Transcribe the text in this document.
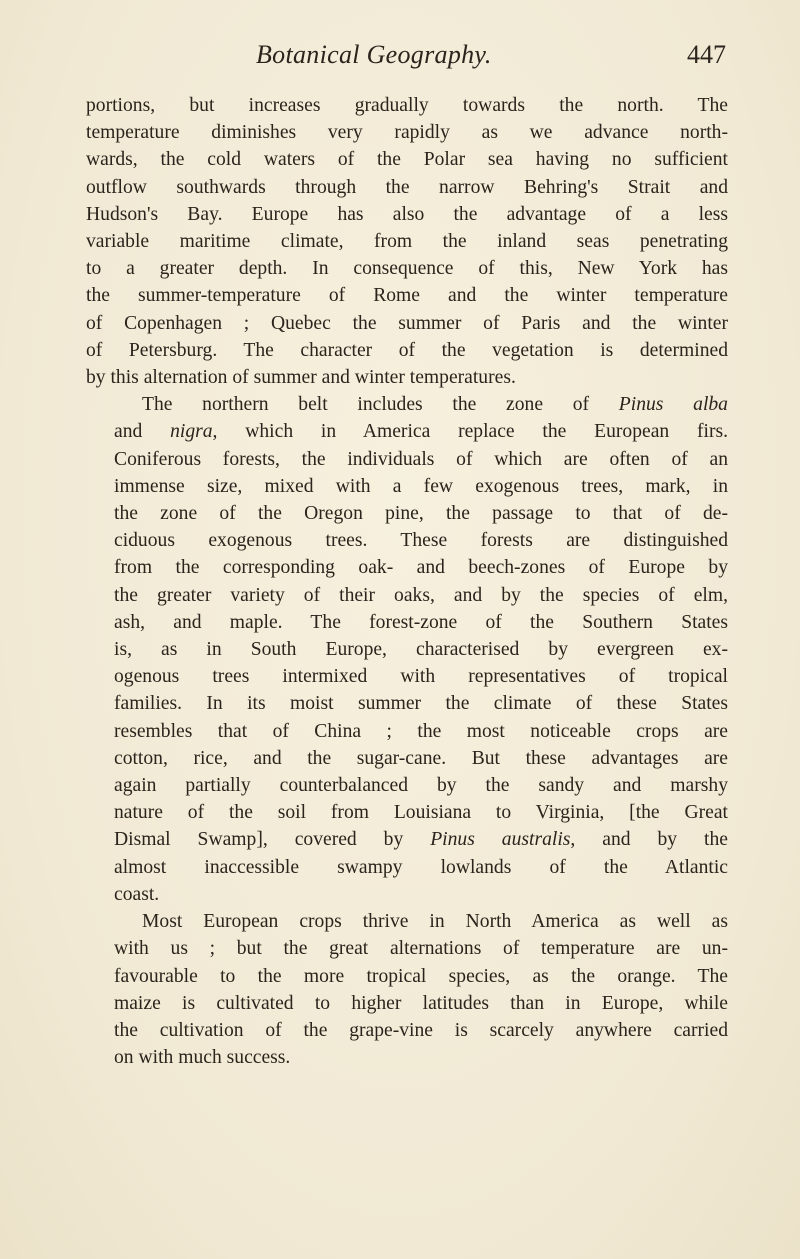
Botanical Geography.	447
portions, but increases gradually towards the north. The
temperature diminishes very rapidly as we advance north-
wards, the cold waters of the Polar sea having no sufficient
outflow southwards through the narrow Behring's Strait and
Hudson's Bay. Europe has also the advantage of a less
variable maritime climate, from the inland seas penetrating
to a greater depth. In consequence of this, New York has
the summer-temperature of Rome and the winter temperature
of Copenhagen ; Quebec the summer of Paris and the winter
of Petersburg. The character of the vegetation is determined
by this alternation of summer and winter temperatures.
The northern belt includes the zone of Pinus alba
and nigra, which in America replace the European firs.
Coniferous forests, the individuals of which are often of an
immense size, mixed with a few exogenous trees, mark, in
the zone of the Oregon pine, the passage to that of de-
ciduous exogenous trees. These forests are distinguished
from the corresponding oak- and beech-zones of Europe by
the greater variety of their oaks, and by the species of elm,
ash, and maple. The forest-zone of the Southern States
is, as in South Europe, characterised by evergreen ex-
ogenous trees intermixed with representatives of tropical
families. In its moist summer the climate of these States
resembles that of China ; the most noticeable crops are
cotton, rice, and the sugar-cane. But these advantages are
again partially counterbalanced by the sandy and marshy
nature of the soil from Louisiana to Virginia, [the Great
Dismal Swamp], covered by Pinus australis, and by the
almost inaccessible swampy lowlands of the Atlantic
coast.
Most European crops thrive in North America as well as
with us ; but the great alternations of temperature are un-
favourable to the more tropical species, as the orange. The
maize is cultivated to higher latitudes than in Europe, while
the cultivation of the grape-vine is scarcely anywhere carried
on with much success.
